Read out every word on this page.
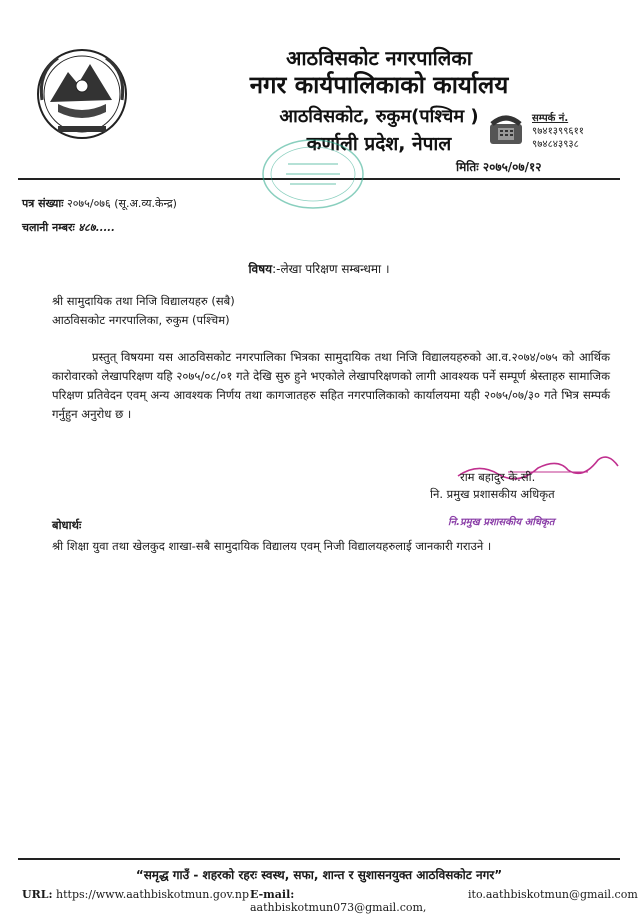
आठविसकोट नगरपालिका
नगर कार्यपालिकाको कार्यालय
आठविसकोट, रुकुम(पश्चिम )
कर्णाली प्रदेश, नेपाल
सम्पर्क नं.
९७४१३९९६११
९७४८४३९३८
मितिः २०७५/०७/१२
पत्र संख्याः २०७५/०७६ (सू.अ.व्य.केन्द्र)
चलानी नम्बरः ४८७.....
विषय:-लेखा परिक्षण सम्बन्धमा ।
श्री सामुदायिक तथा निजि विद्यालयहरु (सबै)
आठविसकोट नगरपालिका, रुकुम (पश्चिम)
प्रस्तुत् विषयमा यस आठविसकोट नगरपालिका भित्रका सामुदायिक तथा निजि विद्यालयहरुको आ.व.२०७४/०७५ को आर्थिक कारोवारको लेखापरिक्षण यहि २०७५/०८/०१ गते देखि सुरु हुने भएकोले लेखापरिक्षणको लागी आवश्यक पर्ने सम्पूर्ण श्रेस्ताहरु सामाजिक परिक्षण प्रतिवेदन एवम् अन्य आवश्यक निर्णय तथा कागजातहरु सहित नगरपालिकाको कार्यालयमा यही २०७५/०७/३० गते भित्र सम्पर्क गर्नुहुन अनुरोध छ ।
राम बहादुर के.सी.
नि. प्रमुख प्रशासकीय अधिकृत
नि.प्रमुख प्रशासकीय अधिकृत
बोधार्थः
श्री शिक्षा युवा तथा खेलकुद शाखा-सबै सामुदायिक विद्यालय एवम् निजी विद्यालयहरुलाई जानकारी गराउने ।
“समृद्ध गाउँ - शहरको रहरः स्वस्थ, सफा, शान्त र सुशासनयुक्त आठविसकोट नगर”
URL: https://www.aathbiskotmun.gov.np E-mail: aathbiskotmun073@gmail.com,
ito.aathbiskotmun@gmail.com
